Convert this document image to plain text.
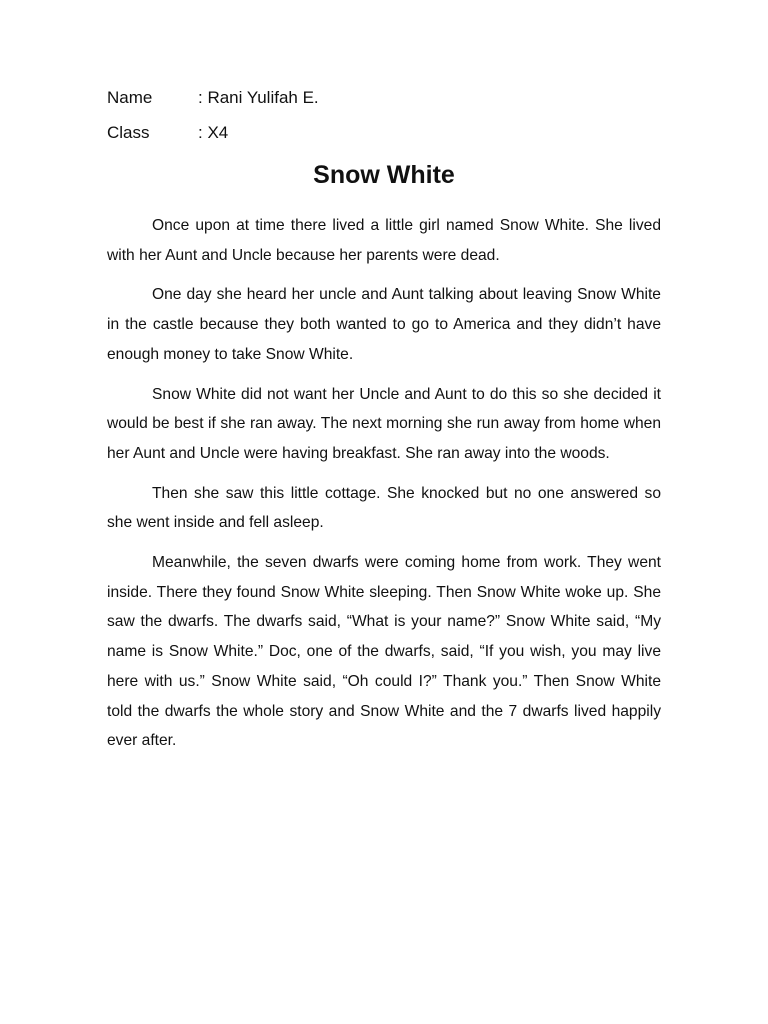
Name	: Rani Yulifah E.
Class	: X4
Snow White

Once upon at time there lived a little girl named Snow White. She lived with her Aunt and Uncle because her parents were dead.

One day she heard her uncle and Aunt talking about leaving Snow White in the castle because they both wanted to go to America and they didn’t have enough money to take Snow White.

Snow White did not want her Uncle and Aunt to do this so she decided it would be best if she ran away. The next morning she run away from home when her Aunt and Uncle were having breakfast. She ran away into the woods.

Then she saw this little cottage. She knocked but no one answered so she went inside and fell asleep.

Meanwhile, the seven dwarfs were coming home from work. They went inside. There they found Snow White sleeping. Then Snow White woke up. She saw the dwarfs. The dwarfs said, “What is your name?” Snow White said, “My name is Snow White.” Doc, one of the dwarfs, said, “If you wish, you may live here with us.” Snow White said, “Oh could I?” Thank you.” Then Snow White told the dwarfs the whole story and Snow White and the 7 dwarfs lived happily ever after.
